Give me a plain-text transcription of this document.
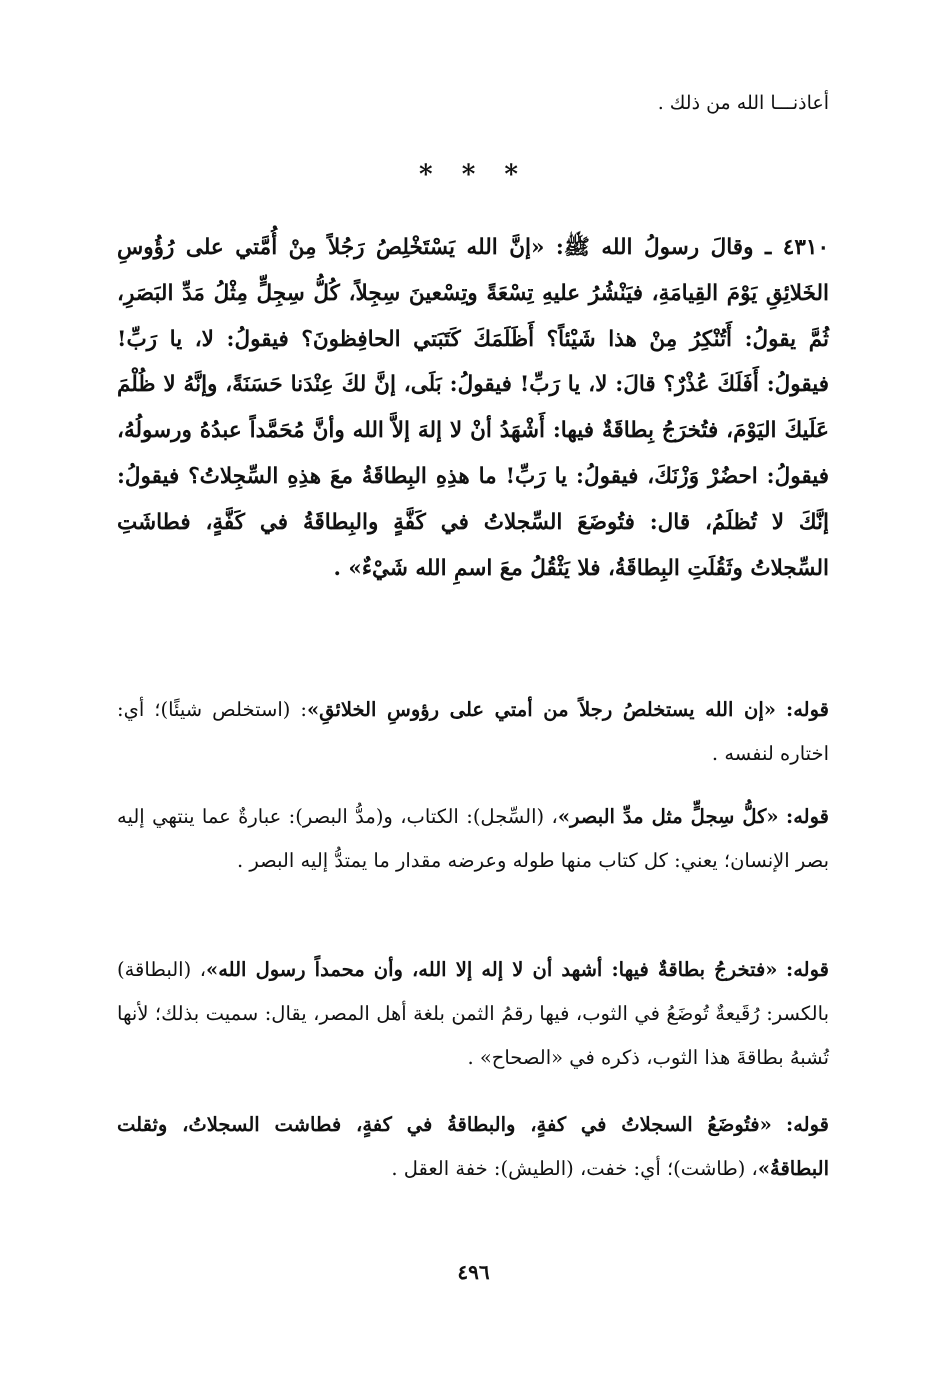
أعاذنـــا الله من ذلك .

* * *

٤٣١٠ ـ وقالَ رسولُ الله ﷺ: «إنَّ الله يَسْتَخْلِصُ رَجُلاً مِنْ أُمَّتي على رُؤُوسِ الخَلائِقِ يَوْمَ القِيامَةِ، فيَنْشُرُ عليهِ تِسْعَةً وتِسْعينَ سِجِلاً، كُلُّ سِجِلٍّ مِثْلُ مَدِّ البَصَرِ، ثُمَّ يقولُ: أَتُنْكِرُ مِنْ هذا شَيْئاً؟ أَظَلَمَكَ كَتَبَتي الحافِظونَ؟ فيقولُ: لا، يا رَبِّ! فيقولُ: أَفَلَكَ عُذْرٌ؟ قالَ: لا، يا رَبِّ! فيقولُ: بَلَى، إنَّ لكَ عِنْدَنا حَسَنَةً، وإنَّهُ لا ظُلْمَ عَلَيكَ اليَوْمَ، فتُخرَجُ بِطاقَةٌ فيها: أَشْهَدُ أنْ لا إلهَ إلاَّ الله وأنَّ مُحَمَّداً عبدُهُ ورسولُهُ، فيقولُ: احضُرْ وَزْنَكَ، فيقولُ: يا رَبِّ! ما هذِهِ البِطاقَةُ معَ هذِهِ السِّجِلاتُ؟ فيقولُ: إنَّكَ لا تُظلَمُ، قال: فتُوضَعَ السِّجلاتُ في كَفَّةٍ والبِطاقَةُ في كَفَّةٍ، فطاشَتِ السِّجلاتُ وثَقُلَتِ البِطاقَةُ، فلا يَثْقُلُ معَ اسمِ الله شَيْءٌ» .

قوله: «إن الله يستخلصُ رجلاً من أمتي على رؤوسِ الخلائقِ»: (استخلص شيئًا)؛ أي: اختاره لنفسه .

قوله: «كلُّ سِجلٍّ مثل مدِّ البصر»، (السِّجل): الكتاب، و(مدُّ البصر): عبارةٌ عما ينتهي إليه بصر الإنسان؛ يعني: كل كتاب منها طوله وعرضه مقدار ما يمتدُّ إليه البصر .

قوله: «فتخرجُ بطاقةٌ فيها: أشهد أن لا إله إلا الله، وأن محمداً رسول الله»، (البطاقة) بالكسر: رُقَيعةٌ تُوضَعُ في الثوب، فيها رقمُ الثمن بلغة أهل المصر، يقال: سميت بذلك؛ لأنها تُشبهُ بطاقةَ هذا الثوب، ذكره في «الصحاح» .

قوله: «فتُوضَعُ السجلاتُ في كفةٍ، والبطاقةُ في كفةٍ، فطاشت السجلاتُ، وثقلت البطاقةُ»، (طاشت)؛ أي: خفت، (الطيش): خفة العقل .

٤٩٦
